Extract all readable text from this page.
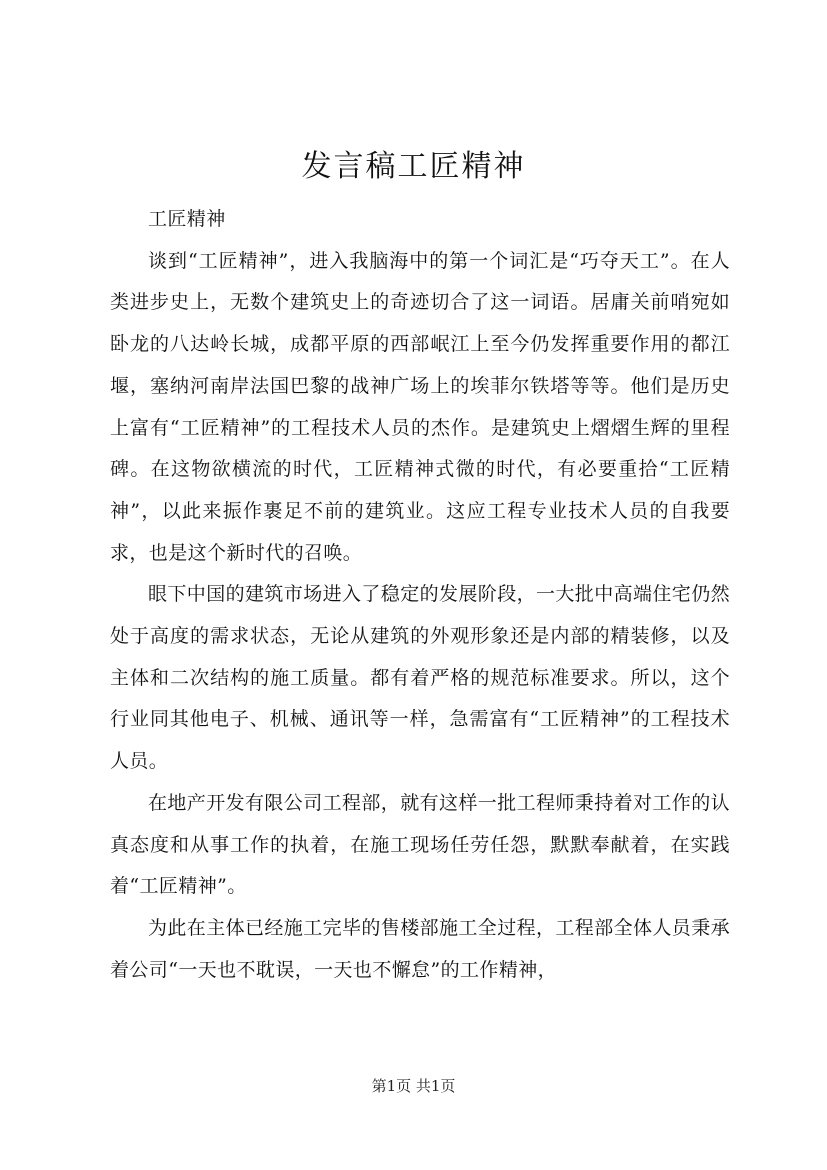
发言稿工匠精神

工匠精神

谈到“工匠精神”，进入我脑海中的第一个词汇是“巧夺天工”。在人类进步史上，无数个建筑史上的奇迹切合了这一词语。居庸关前哨宛如卧龙的八达岭长城，成都平原的西部岷江上至今仍发挥重要作用的都江堰，塞纳河南岸法国巴黎的战神广场上的埃菲尔铁塔等等。他们是历史上富有“工匠精神”的工程技术人员的杰作。是建筑史上熠熠生辉的里程碑。在这物欲横流的时代，工匠精神式微的时代，有必要重拾“工匠精神”，以此来振作裹足不前的建筑业。这应工程专业技术人员的自我要求，也是这个新时代的召唤。

眼下中国的建筑市场进入了稳定的发展阶段，一大批中高端住宅仍然处于高度的需求状态，无论从建筑的外观形象还是内部的精装修，以及主体和二次结构的施工质量。都有着严格的规范标准要求。所以，这个行业同其他电子、机械、通讯等一样，急需富有“工匠精神”的工程技术人员。

在地产开发有限公司工程部，就有这样一批工程师秉持着对工作的认真态度和从事工作的执着，在施工现场任劳任怨，默默奉献着，在实践着“工匠精神”。

为此在主体已经施工完毕的售楼部施工全过程，工程部全体人员秉承着公司“一天也不耽误，一天也不懈怠”的工作精神，

第1页 共1页
